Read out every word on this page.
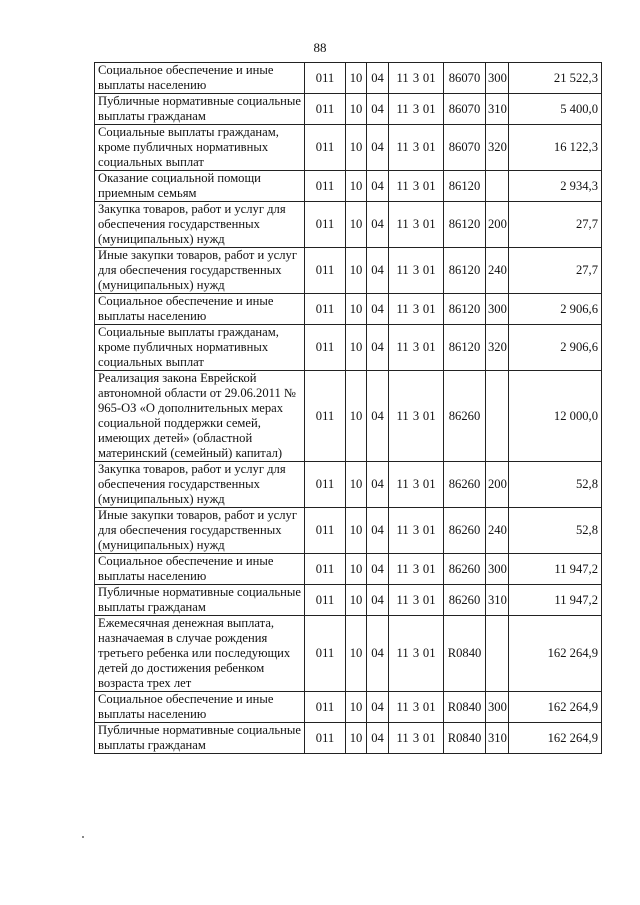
88
Социальное обеспечение и иные выплаты населению	011	10	04	11 3 01	86070	300	21 522,3
Публичные нормативные социальные выплаты гражданам	011	10	04	11 3 01	86070	310	5 400,0
Социальные выплаты гражданам, кроме публичных нормативных социальных выплат	011	10	04	11 3 01	86070	320	16 122,3
Оказание социальной помощи приемным семьям	011	10	04	11 3 01	86120		2 934,3
Закупка товаров, работ и услуг для обеспечения государственных (муниципальных) нужд	011	10	04	11 3 01	86120	200	27,7
Иные закупки товаров, работ и услуг для обеспечения государственных (муниципальных) нужд	011	10	04	11 3 01	86120	240	27,7
Социальное обеспечение и иные выплаты населению	011	10	04	11 3 01	86120	300	2 906,6
Социальные выплаты гражданам, кроме публичных нормативных социальных выплат	011	10	04	11 3 01	86120	320	2 906,6
Реализация закона Еврейской автономной области от 29.06.2011 № 965-ОЗ «О дополнительных мерах социальной поддержки семей, имеющих детей» (областной материнский (семейный) капитал)	011	10	04	11 3 01	86260		12 000,0
Закупка товаров, работ и услуг для обеспечения государственных (муниципальных) нужд	011	10	04	11 3 01	86260	200	52,8
Иные закупки товаров, работ и услуг для обеспечения государственных (муниципальных) нужд	011	10	04	11 3 01	86260	240	52,8
Социальное обеспечение и иные выплаты населению	011	10	04	11 3 01	86260	300	11 947,2
Публичные нормативные социальные выплаты гражданам	011	10	04	11 3 01	86260	310	11 947,2
Ежемесячная денежная выплата, назначаемая в случае рождения третьего ребенка или последующих детей до достижения ребенком возраста трех лет	011	10	04	11 3 01	R0840		162 264,9
Социальное обеспечение и иные выплаты населению	011	10	04	11 3 01	R0840	300	162 264,9
Публичные нормативные социальные выплаты гражданам	011	10	04	11 3 01	R0840	310	162 264,9
